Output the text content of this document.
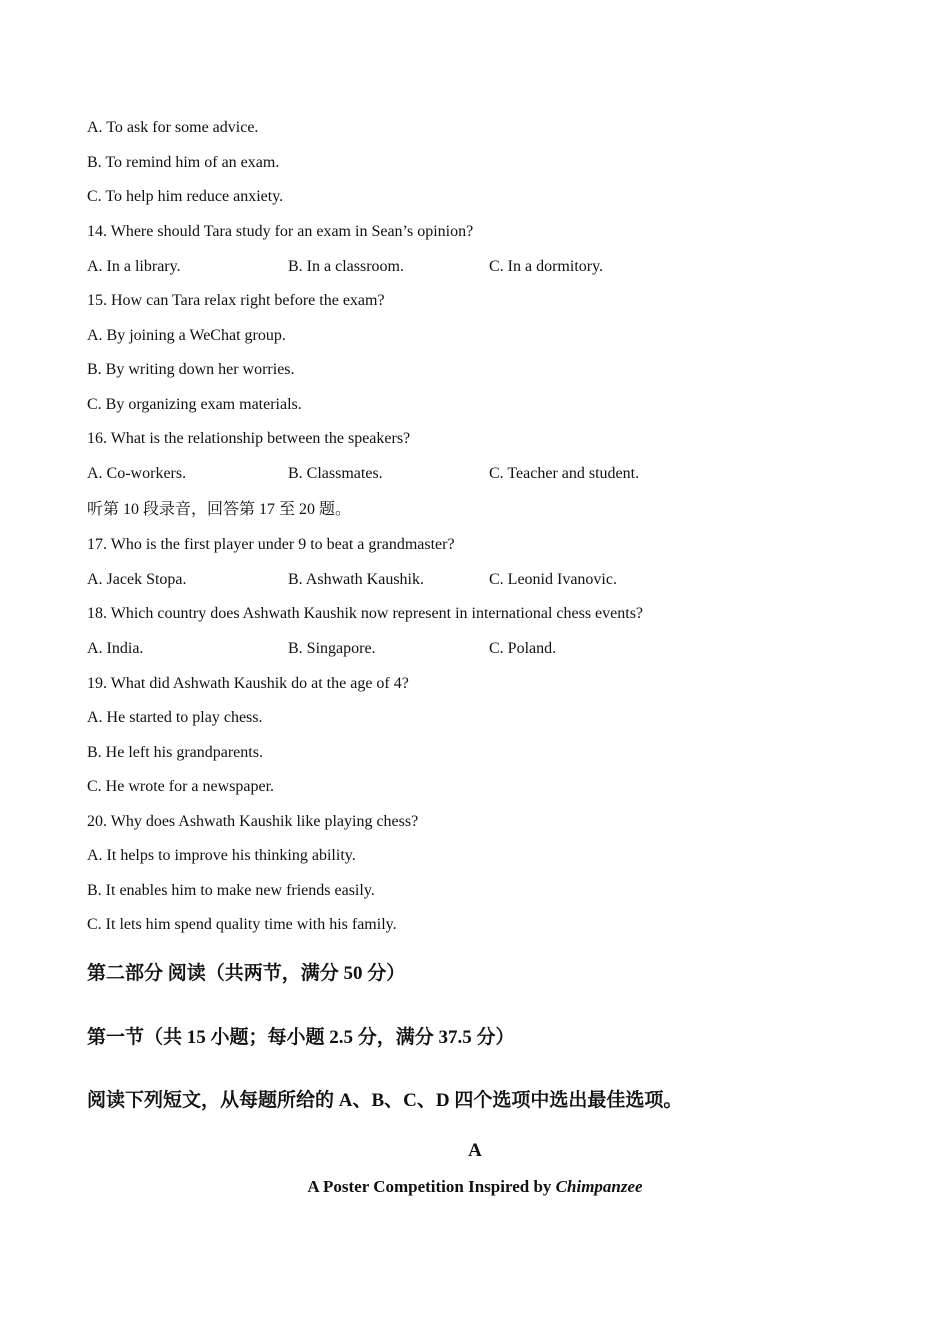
A. To ask for some advice.
B. To remind him of an exam.
C. To help him reduce anxiety.
14. Where should Tara study for an exam in Sean’s opinion?
A. In a library.	B. In a classroom.	C. In a dormitory.
15. How can Tara relax right before the exam?
A. By joining a WeChat group.
B. By writing down her worries.
C. By organizing exam materials.
16. What is the relationship between the speakers?
A. Co-workers.	B. Classmates.	C. Teacher and student.
听第 10 段录音，回答第 17 至 20 题。
17. Who is the first player under 9 to beat a grandmaster?
A. Jacek Stopa.	B. Ashwath Kaushik.	C. Leonid Ivanovic.
18. Which country does Ashwath Kaushik now represent in international chess events?
A. India.	B. Singapore.	C. Poland.
19. What did Ashwath Kaushik do at the age of 4?
A. He started to play chess.
B. He left his grandparents.
C. He wrote for a newspaper.
20. Why does Ashwath Kaushik like playing chess?
A. It helps to improve his thinking ability.
B. It enables him to make new friends easily.
C. It lets him spend quality time with his family.
第二部分 阅读（共两节，满分 50 分）
第一节（共 15 小题；每小题 2.5 分，满分 37.5 分）
阅读下列短文，从每题所给的 A、B、C、D 四个选项中选出最佳选项。
A
A Poster Competition Inspired by Chimpanzee
